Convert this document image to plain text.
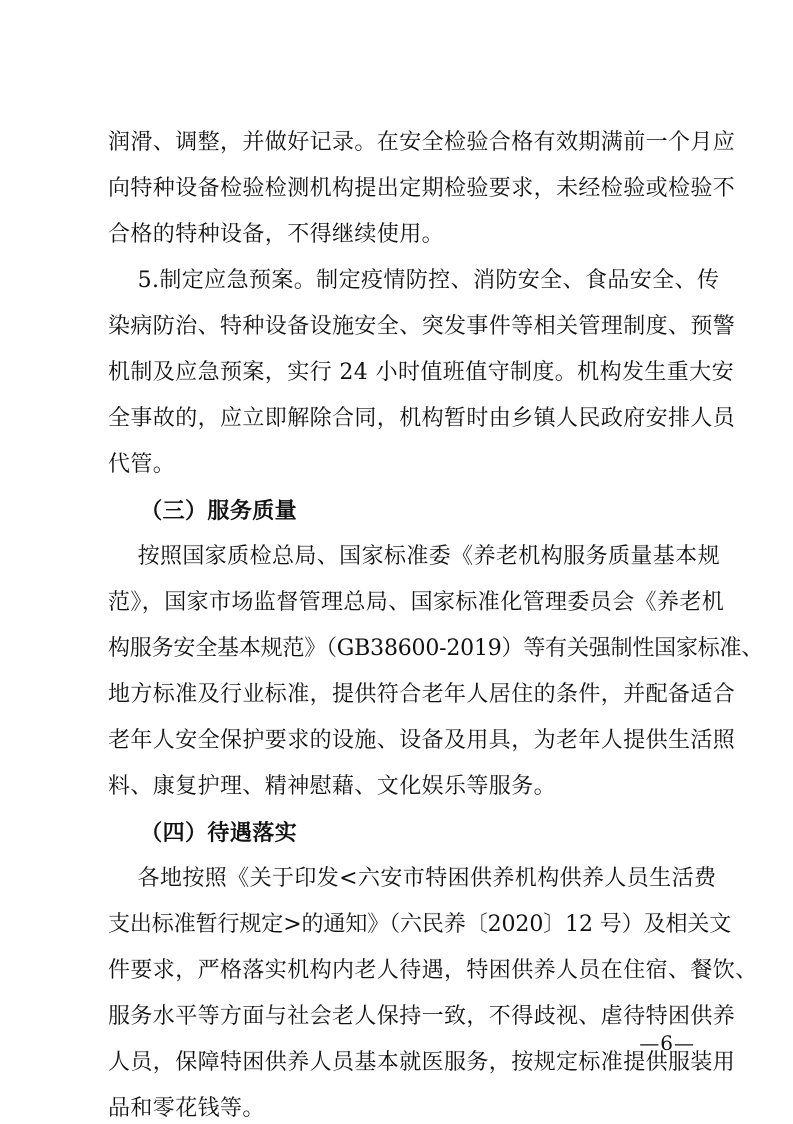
润滑、调整，并做好记录。在安全检验合格有效期满前一个月应
向特种设备检验检测机构提出定期检验要求，未经检验或检验不
合格的特种设备，不得继续使用。
5.制定应急预案。制定疫情防控、消防安全、食品安全、传
染病防治、特种设备设施安全、突发事件等相关管理制度、预警
机制及应急预案，实行 24 小时值班值守制度。机构发生重大安
全事故的，应立即解除合同，机构暂时由乡镇人民政府安排人员
代管。
（三）服务质量
按照国家质检总局、国家标准委《养老机构服务质量基本规
范》，国家市场监督管理总局、国家标准化管理委员会《养老机
构服务安全基本规范》（GB38600-2019）等有关强制性国家标准、
地方标准及行业标准，提供符合老年人居住的条件，并配备适合
老年人安全保护要求的设施、设备及用具，为老年人提供生活照
料、康复护理、精神慰藉、文化娱乐等服务。
（四）待遇落实
各地按照《关于印发<六安市特困供养机构供养人员生活费
支出标准暂行规定>的通知》（六民养〔2020〕12 号）及相关文
件要求，严格落实机构内老人待遇，特困供养人员在住宿、餐饮、
服务水平等方面与社会老人保持一致，不得歧视、虐待特困供养
人员，保障特困供养人员基本就医服务，按规定标准提供服装用
品和零花钱等。
—6—
